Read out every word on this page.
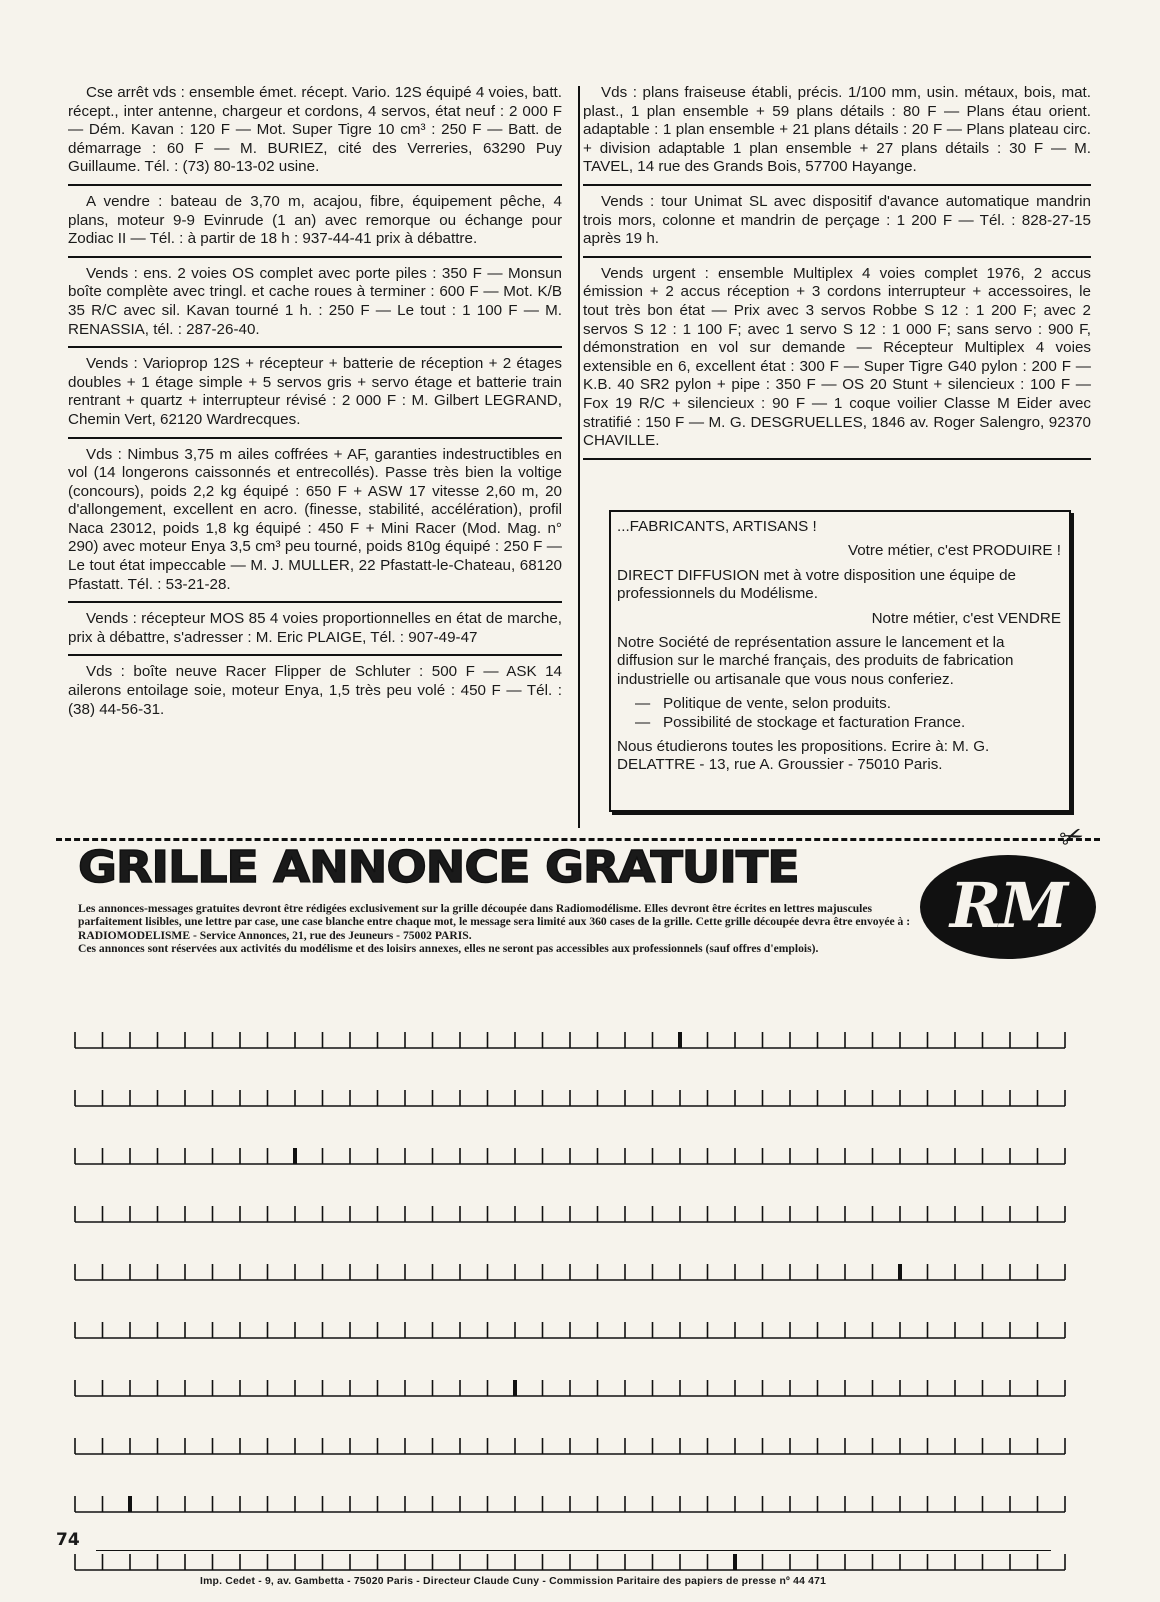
Cse arrêt vds : ensemble émet. récept. Vario. 12S équipé 4 voies, batt. récept., inter antenne, chargeur et cordons, 4 servos, état neuf : 2 000 F — Dém. Kavan : 120 F — Mot. Super Tigre 10 cm³ : 250 F — Batt. de démarrage : 60 F — M. BURIEZ, cité des Verreries, 63290 Puy Guillaume. Tél. : (73) 80-13-02 usine.

A vendre : bateau de 3,70 m, acajou, fibre, équipement pêche, 4 plans, moteur 9-9 Evinrude (1 an) avec remorque ou échange pour Zodiac II — Tél. : à partir de 18 h : 937-44-41 prix à débattre.

Vends : ens. 2 voies OS complet avec porte piles : 350 F — Monsun boîte complète avec tringl. et cache roues à terminer : 600 F — Mot. K/B 35 R/C avec sil. Kavan tourné 1 h. : 250 F — Le tout : 1 100 F — M. RENASSIA, tél. : 287-26-40.

Vends : Varioprop 12S + récepteur + batterie de réception + 2 étages doubles + 1 étage simple + 5 servos gris + servo étage et batterie train rentrant + quartz + interrupteur révisé : 2 000 F : M. Gilbert LEGRAND, Chemin Vert, 62120 Wardrecques.

Vds : Nimbus 3,75 m ailes coffrées + AF, garanties indestructibles en vol (14 longerons caissonnés et entrecollés). Passe très bien la voltige (concours), poids 2,2 kg équipé : 650 F + ASW 17 vitesse 2,60 m, 20 d'allongement, excellent en acro. (finesse, stabilité, accélération), profil Naca 23012, poids 1,8 kg équipé : 450 F + Mini Racer (Mod. Mag. n° 290) avec moteur Enya 3,5 cm³ peu tourné, poids 810g équipé : 250 F — Le tout état impeccable — M. J. MULLER, 22 Pfastatt-le-Chateau, 68120 Pfastatt. Tél. : 53-21-28.

Vends : récepteur MOS 85 4 voies proportionnelles en état de marche, prix à débattre, s'adresser : M. Eric PLAIGE, Tél. : 907-49-47

Vds : boîte neuve Racer Flipper de Schluter : 500 F — ASK 14 ailerons entoilage soie, moteur Enya, 1,5 très peu volé : 450 F — Tél. : (38) 44-56-31.

Vds : plans fraiseuse établi, précis. 1/100 mm, usin. métaux, bois, mat. plast., 1 plan ensemble + 59 plans détails : 80 F — Plans étau orient. adaptable : 1 plan ensemble + 21 plans détails : 20 F — Plans plateau circ. + division adaptable 1 plan ensemble + 27 plans détails : 30 F — M. TAVEL, 14 rue des Grands Bois, 57700 Hayange.

Vends : tour Unimat SL avec dispositif d'avance automatique mandrin trois mors, colonne et mandrin de perçage : 1 200 F — Tél. : 828-27-15 après 19 h.

Vends urgent : ensemble Multiplex 4 voies complet 1976, 2 accus émission + 2 accus réception + 3 cordons interrupteur + accessoires, le tout très bon état — Prix avec 3 servos Robbe S 12 : 1 200 F; avec 2 servos S 12 : 1 100 F; avec 1 servo S 12 : 1 000 F; sans servo : 900 F, démonstration en vol sur demande — Récepteur Multiplex 4 voies extensible en 6, excellent état : 300 F — Super Tigre G40 pylon : 200 F — K.B. 40 SR2 pylon + pipe : 350 F — OS 20 Stunt + silencieux : 100 F — Fox 19 R/C + silencieux : 90 F — 1 coque voilier Classe M Eider avec stratifié : 150 F — M. G. DESGRUELLES, 1846 av. Roger Salengro, 92370 CHAVILLE.

...FABRICANTS, ARTISANS !

Votre métier, c'est PRODUIRE !

DIRECT DIFFUSION met à votre disposition une équipe de professionnels du Modélisme.

Notre métier, c'est VENDRE

Notre Société de représentation assure le lancement et la diffusion sur le marché français, des produits de fabrication industrielle ou artisanale que vous nous conferiez.

— Politique de vente, selon produits.

— Possibilité de stockage et facturation France.

Nous étudierons toutes les propositions. Ecrire à: M. G. DELATTRE - 13, rue A. Groussier - 75010 Paris.

✂
GRILLE ANNONCE GRATUITE
RM
Les annonces-messages gratuites devront être rédigées exclusivement sur la grille découpée dans Radiomodélisme. Elles devront être écrites en lettres majuscules parfaitement lisibles, une lettre par case, une case blanche entre chaque mot, le message sera limité aux 360 cases de la grille. Cette grille découpée devra être envoyée à : RADIOMODELISME - Service Annonces, 21, rue des Jeuneurs - 75002 PARIS.
Ces annonces sont réservées aux activités du modélisme et des loisirs annexes, elles ne seront pas accessibles aux professionnels (sauf offres d'emplois).
74
Imp. Cedet - 9, av. Gambetta - 75020 Paris - Directeur Claude Cuny - Commission Paritaire des papiers de presse nº 44 471
